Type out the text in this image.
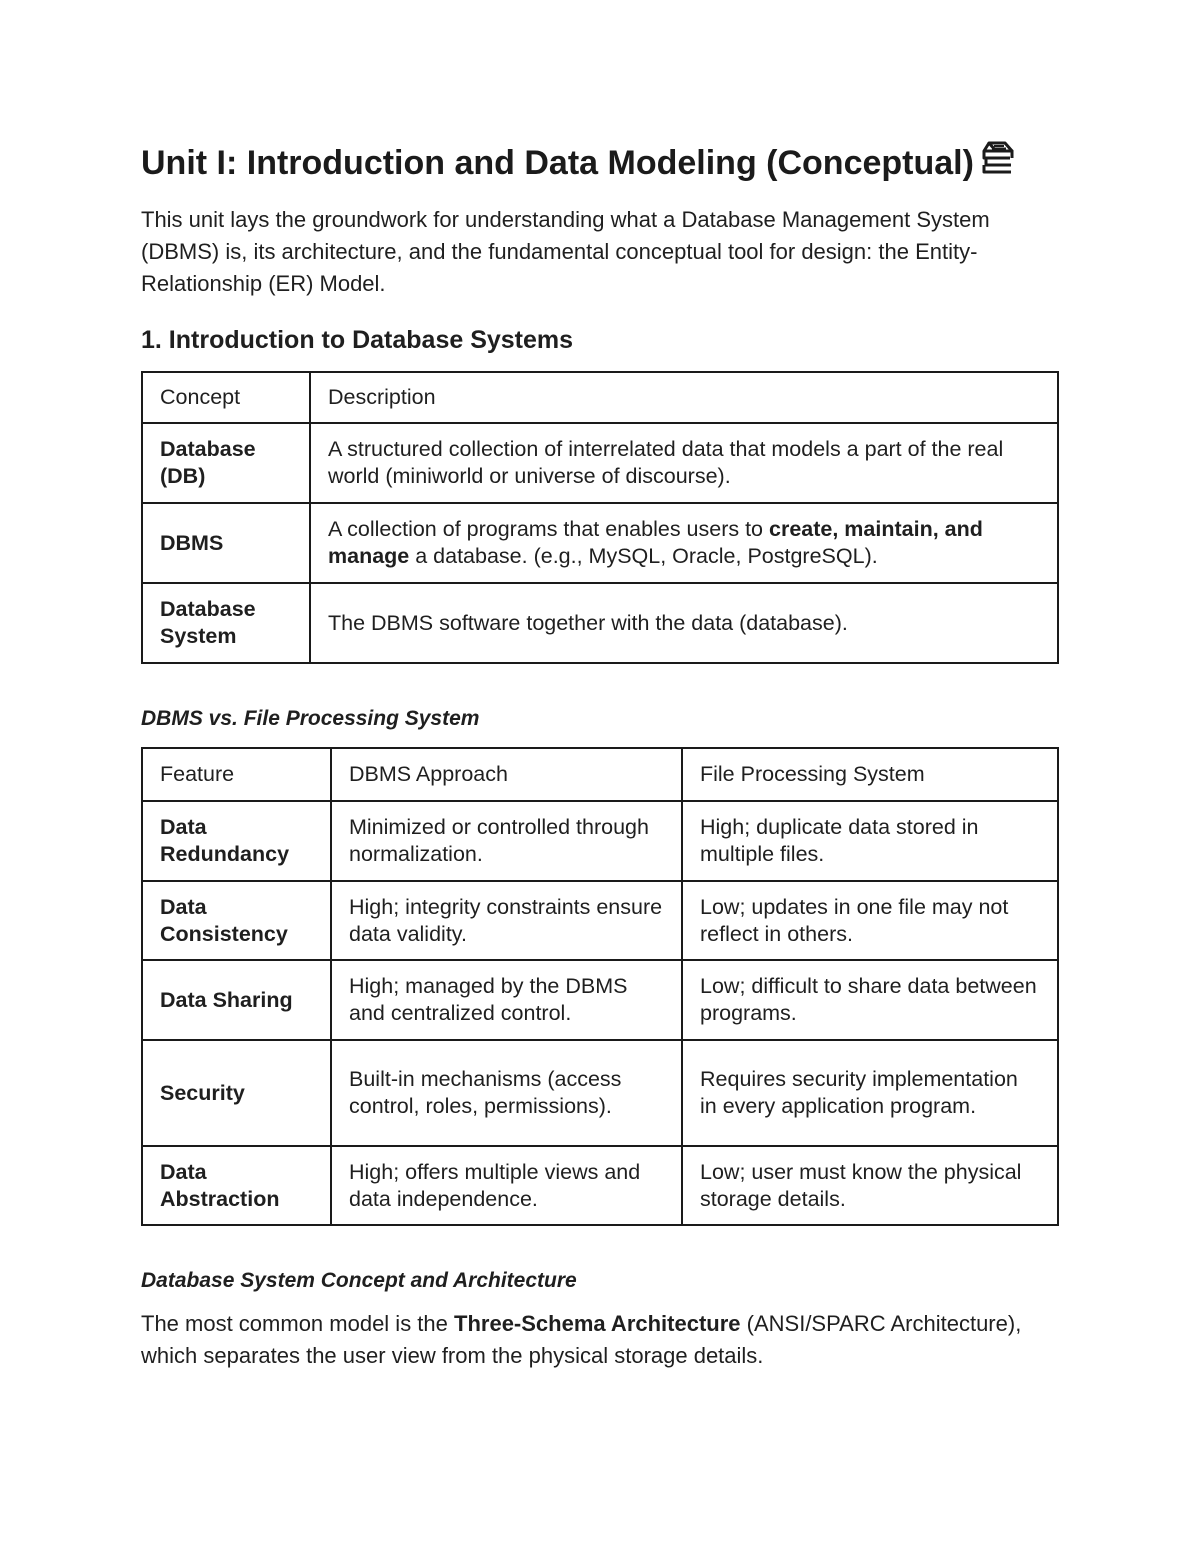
Unit I: Introduction and Data Modeling (Conceptual)

This unit lays the groundwork for understanding what a Database Management System (DBMS) is, its architecture, and the fundamental conceptual tool for design: the Entity-Relationship (ER) Model.

1. Introduction to Database Systems
Concept	Description
Database (DB)	A structured collection of interrelated data that models a part of the real world (miniworld or universe of discourse).
DBMS	A collection of programs that enables users to create, maintain, and manage a database. (e.g., MySQL, Oracle, PostgreSQL).
Database System	The DBMS software together with the data (database).
DBMS vs. File Processing System
Feature	DBMS Approach	File Processing System
Data Redundancy	Minimized or controlled through normalization.	High; duplicate data stored in multiple files.
Data Consistency	High; integrity constraints ensure data validity.	Low; updates in one file may not reflect in others.
Data Sharing	High; managed by the DBMS and centralized control.	Low; difficult to share data between programs.
Security	Built-in mechanisms (access control, roles, permissions).	Requires security implementation in every application program.
Data Abstraction	High; offers multiple views and data independence.	Low; user must know the physical storage details.
Database System Concept and Architecture

The most common model is the Three-Schema Architecture (ANSI/SPARC Architecture), which separates the user view from the physical storage details.
